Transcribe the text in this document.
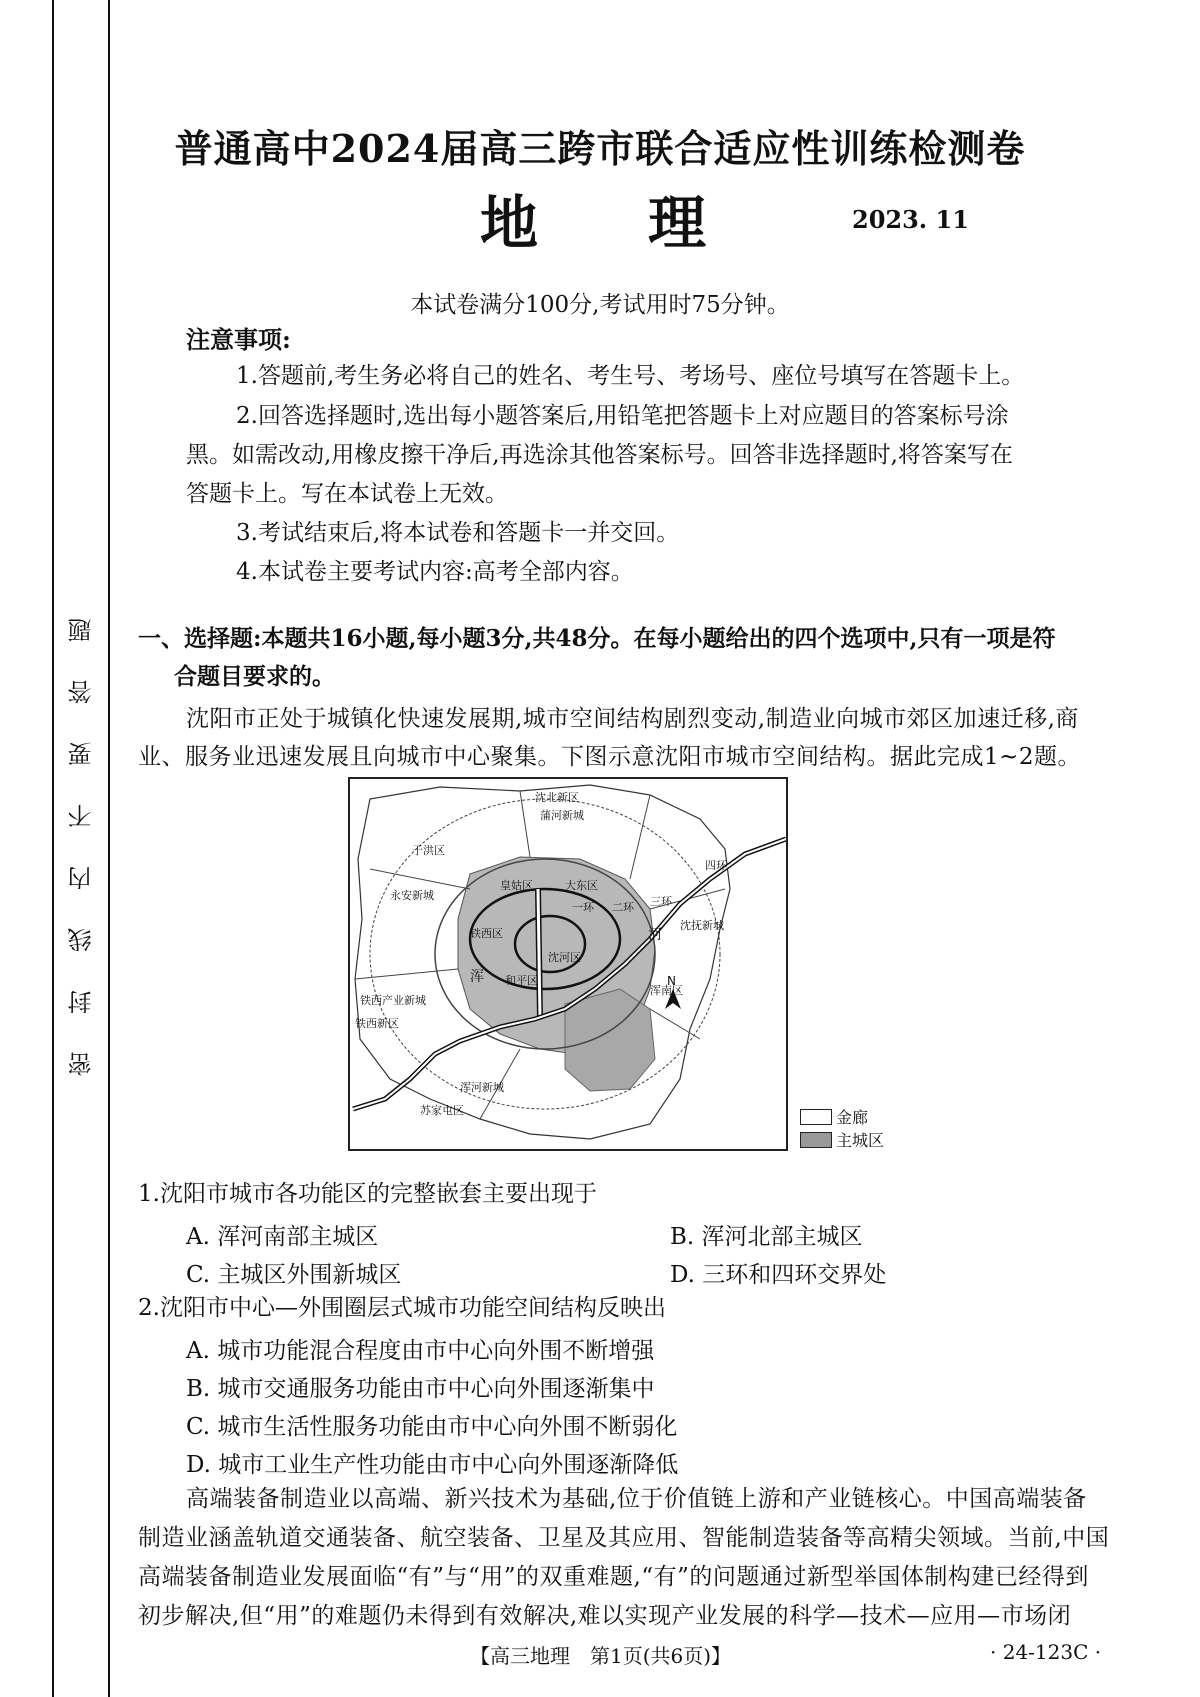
题
答
要
不
内
线
封
密
普通高中2024届高三跨市联合适应性训练检测卷
地理 2023. 11
本试卷满分100分,考试用时75分钟。
注意事项:
1.答题前,考生务必将自己的姓名、考生号、考场号、座位号填写在答题卡上。
2.回答选择题时,选出每小题答案后,用铅笔把答题卡上对应题目的答案标号涂
黑。如需改动,用橡皮擦干净后,再选涂其他答案标号。回答非选择题时,将答案写在
答题卡上。写在本试卷上无效。
3.考试结束后,将本试卷和答题卡一并交回。
4.本试卷主要考试内容:高考全部内容。
一、选择题:本题共16小题,每小题3分,共48分。在每小题给出的四个选项中,只有一项是符
合题目要求的。
沈阳市正处于城镇化快速发展期,城市空间结构剧烈变动,制造业向城市郊区加速迁移,商
业、服务业迅速发展且向城市中心聚集。下图示意沈阳市城市空间结构。据此完成1~2题。
沈北新区
蒲河新城
于洪区
永安新城
四环
皇姑区	大东区
一环 二环 三环
铁西区
沈河区
河
沈抚新城
浑南区
浑 和平区
铁西产业新城
铁西新区
浑河新城
苏家屯区
N
金廊
主城区
1.沈阳市城市各功能区的完整嵌套主要出现于
A. 浑河南部主城区	B. 浑河北部主城区
C. 主城区外围新城区	D. 三环和四环交界处
2.沈阳市中心—外围圈层式城市功能空间结构反映出
A. 城市功能混合程度由市中心向外围不断增强
B. 城市交通服务功能由市中心向外围逐渐集中
C. 城市生活性服务功能由市中心向外围不断弱化
D. 城市工业生产性功能由市中心向外围逐渐降低
高端装备制造业以高端、新兴技术为基础,位于价值链上游和产业链核心。中国高端装备
制造业涵盖轨道交通装备、航空装备、卫星及其应用、智能制造装备等高精尖领域。当前,中国
高端装备制造业发展面临“有”与“用”的双重难题,“有”的问题通过新型举国体制构建已经得到
初步解决,但“用”的难题仍未得到有效解决,难以实现产业发展的科学—技术—应用—市场闭
【高三地理　第1页(共6页)】	· 24-123C ·
